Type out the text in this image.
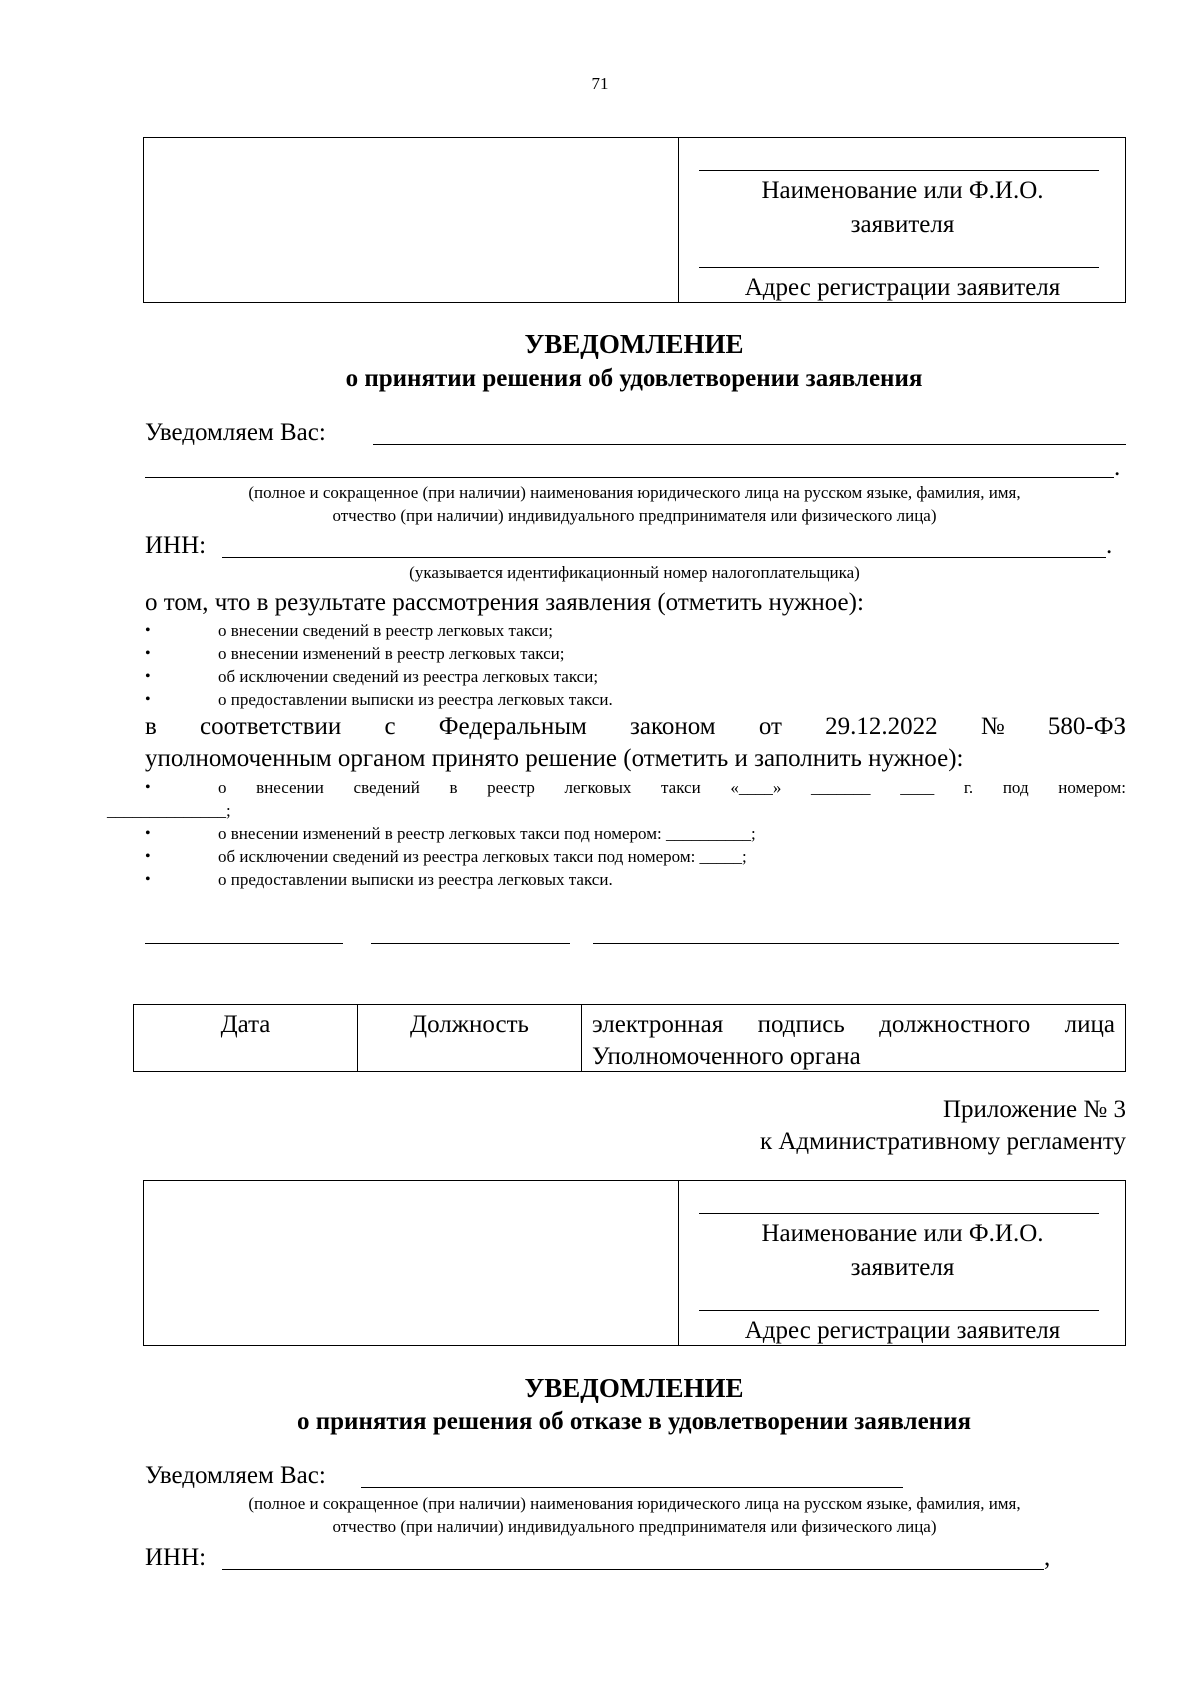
71
Наименование или Ф.И.О.
заявителя
Адрес регистрации заявителя
УВЕДОМЛЕНИЕ
о принятии решения об удовлетворении заявления
Уведомляем Вас:
.
(полное и сокращенное (при наличии) наименования юридического лица на русском языке, фамилия, имя,
отчество (при наличии) индивидуального предпринимателя или физического лица)
ИНН:	.
(указывается идентификационный номер налогоплательщика)
о том, что в результате рассмотрения заявления (отметить нужное):
•	о внесении сведений в реестр легковых такси;
•	о внесении изменений в реестр легковых такси;
•	об исключении сведений из реестра легковых такси;
•	о предоставлении выписки из реестра легковых такси.
в соответствии с Федеральным законом от 29.12.2022 № 580-ФЗ
уполномоченным органом принято решение (отметить и заполнить нужное):
•	о внесении сведений в реестр легковых такси «____» _______ ____ г. под номером:
______________;
•	о внесении изменений в реестр легковых такси под номером: __________;
•	об исключении сведений из реестра легковых такси под номером: _____;
•	о предоставлении выписки из реестра легковых такси.
Дата	Должность	электронная подпись должностного лица Уполномоченного органа
Приложение № 3
к Административному регламенту
Наименование или Ф.И.О.
заявителя
Адрес регистрации заявителя
УВЕДОМЛЕНИЕ
о принятия решения об отказе в удовлетворении заявления
Уведомляем Вас:
(полное и сокращенное (при наличии) наименования юридического лица на русском языке, фамилия, имя,
отчество (при наличии) индивидуального предпринимателя или физического лица)
ИНН:	,
